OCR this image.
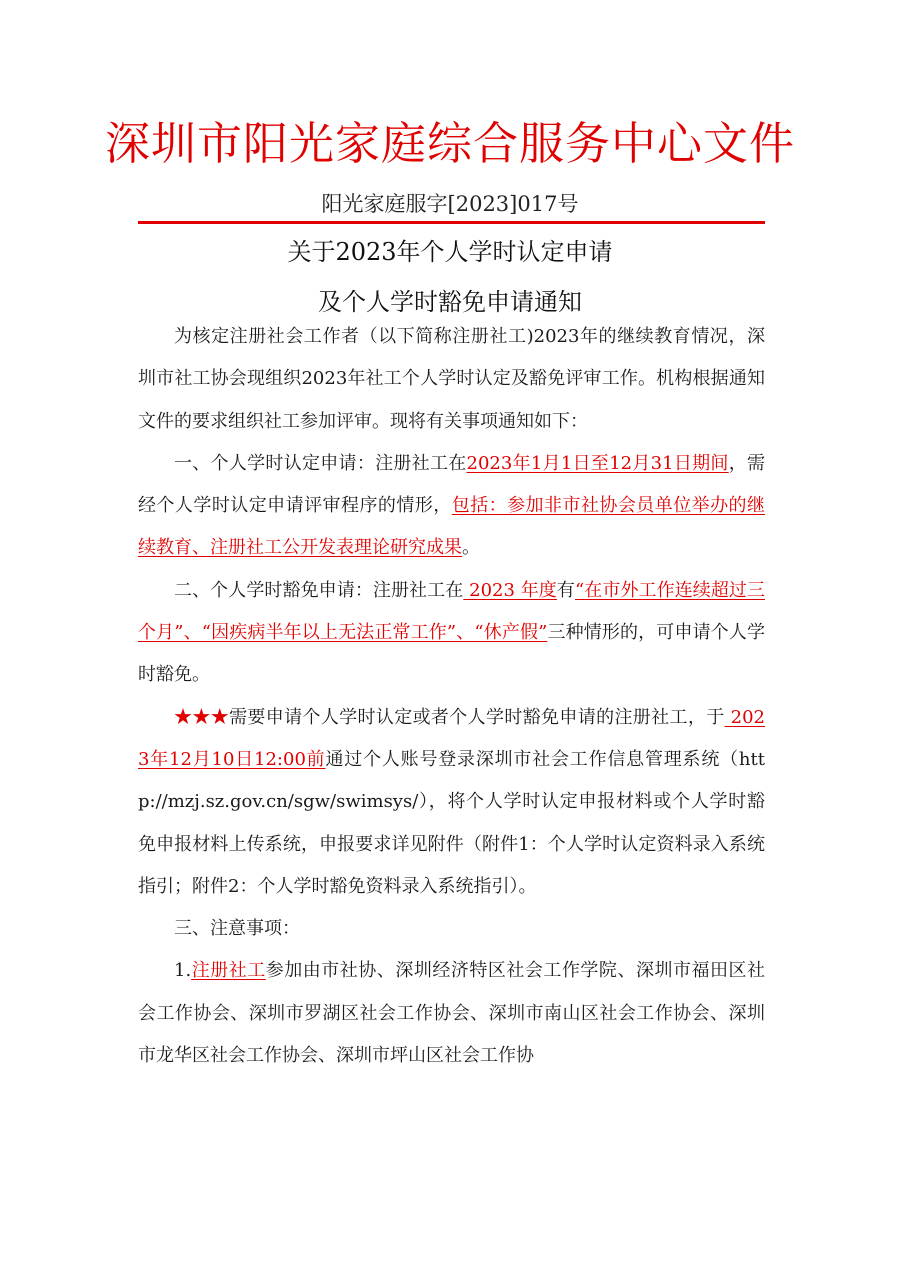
深圳市阳光家庭综合服务中心文件
阳光家庭服字[2023]017号
关于2023年个人学时认定申请
及个人学时豁免申请通知

为核定注册社会工作者（以下简称注册社工)2023年的继续教育情况，深圳市社工协会现组织2023年社工个人学时认定及豁免评审工作。机构根据通知文件的要求组织社工参加评审。现将有关事项通知如下：

一、个人学时认定申请：注册社工在2023年1月1日至12月31日期间，需经个人学时认定申请评审程序的情形，包括：参加非市社协会员单位举办的继续教育、注册社工公开发表理论研究成果。

二、个人学时豁免申请：注册社工在 2023 年度有“在市外工作连续超过三个月”、“因疾病半年以上无法正常工作”、“休产假”三种情形的，可申请个人学时豁免。

★★★需要申请个人学时认定或者个人学时豁免申请的注册社工，于 2023年12月10日12:00前通过个人账号登录深圳市社会工作信息管理系统（http://mzj.sz.gov.cn/sgw/swimsys/），将个人学时认定申报材料或个人学时豁免申报材料上传系统，申报要求详见附件（附件1：个人学时认定资料录入系统指引；附件2：个人学时豁免资料录入系统指引）。

三、注意事项：

1.注册社工参加由市社协、深圳经济特区社会工作学院、深圳市福田区社会工作协会、深圳市罗湖区社会工作协会、深圳市南山区社会工作协会、深圳市龙华区社会工作协会、深圳市坪山区社会工作协
